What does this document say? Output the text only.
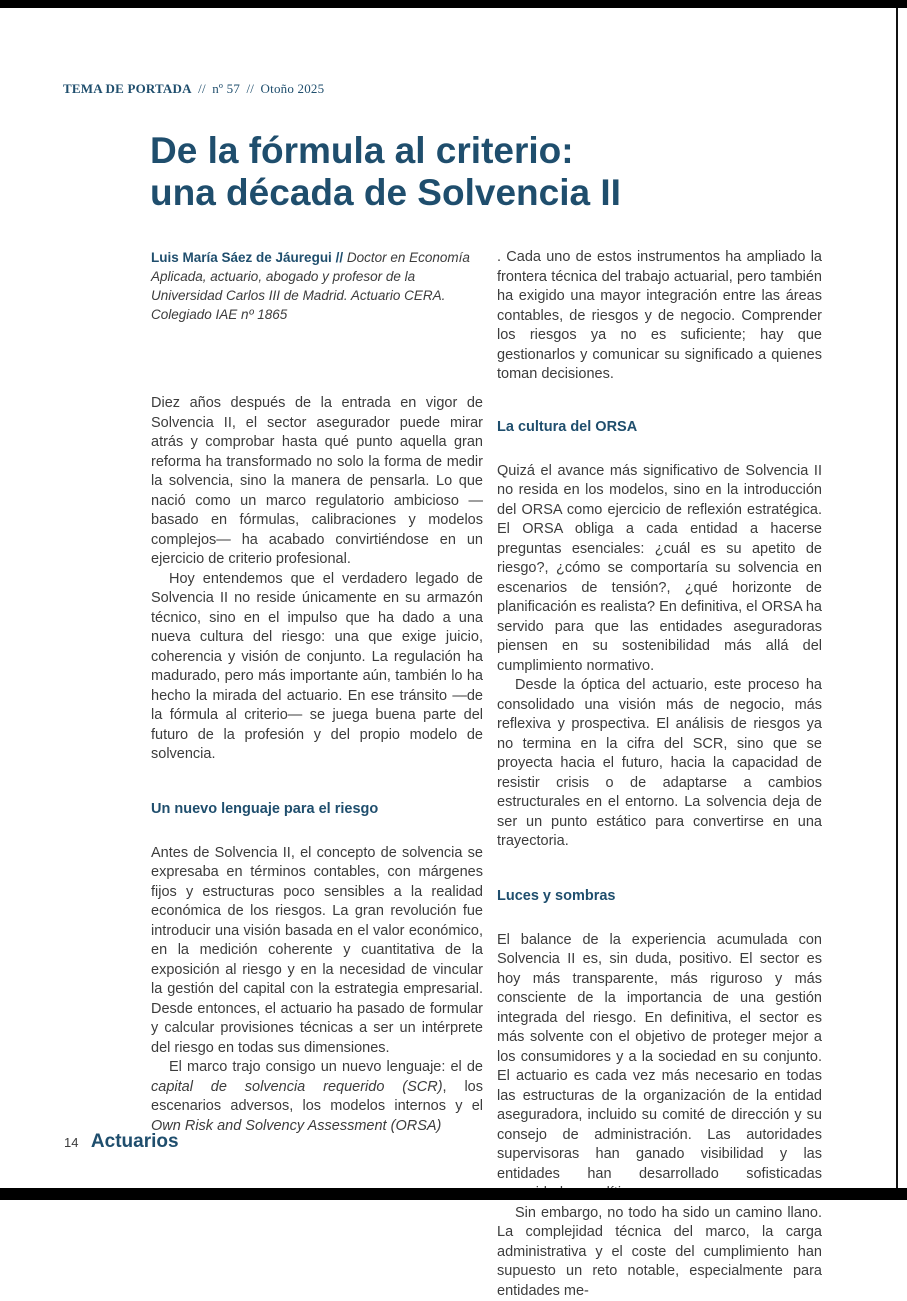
TEMA DE PORTADA // nº 57 // Otoño 2025
De la fórmula al criterio:
una década de Solvencia II
Luis María Sáez de Jáuregui // Doctor en Economía Aplicada, actuario, abogado y profesor de la Universidad Carlos III de Madrid. Actuario CERA. Colegiado IAE nº 1865

Diez años después de la entrada en vigor de Solvencia II, el sector asegurador puede mirar atrás y comprobar hasta qué punto aquella gran reforma ha transformado no solo la forma de medir la solvencia, sino la manera de pensarla. Lo que nació como un marco regulatorio ambicioso —basado en fórmulas, calibraciones y modelos complejos— ha acabado convirtiéndose en un ejercicio de criterio profesional.

Hoy entendemos que el verdadero legado de Solvencia II no reside únicamente en su armazón técnico, sino en el impulso que ha dado a una nueva cultura del riesgo: una que exige juicio, coherencia y visión de conjunto. La regulación ha madurado, pero más importante aún, también lo ha hecho la mirada del actuario. En ese tránsito —de la fórmula al criterio— se juega buena parte del futuro de la profesión y del propio modelo de solvencia.

Un nuevo lenguaje para el riesgo

Antes de Solvencia II, el concepto de solvencia se expresaba en términos contables, con márgenes fijos y estructuras poco sensibles a la realidad económica de los riesgos. La gran revolución fue introducir una visión basada en el valor económico, en la medición coherente y cuantitativa de la exposición al riesgo y en la necesidad de vincular la gestión del capital con la estrategia empresarial. Desde entonces, el actuario ha pasado de formular y calcular provisiones técnicas a ser un intérprete del riesgo en todas sus dimensiones.

El marco trajo consigo un nuevo lenguaje: el de capital de solvencia requerido (SCR), los escenarios adversos, los modelos internos y el Own Risk and Solvency Assessment (ORSA)

. Cada uno de estos instrumentos ha ampliado la frontera técnica del trabajo actuarial, pero también ha exigido una mayor integración entre las áreas contables, de riesgos y de negocio. Comprender los riesgos ya no es suficiente; hay que gestionarlos y comunicar su significado a quienes toman decisiones.

La cultura del ORSA

Quizá el avance más significativo de Solvencia II no resida en los modelos, sino en la introducción del ORSA como ejercicio de reflexión estratégica. El ORSA obliga a cada entidad a hacerse preguntas esenciales: ¿cuál es su apetito de riesgo?, ¿cómo se comportaría su solvencia en escenarios de tensión?, ¿qué horizonte de planificación es realista? En definitiva, el ORSA ha servido para que las entidades aseguradoras piensen en su sostenibilidad más allá del cumplimiento normativo.

Desde la óptica del actuario, este proceso ha consolidado una visión más de negocio, más reflexiva y prospectiva. El análisis de riesgos ya no termina en la cifra del SCR, sino que se proyecta hacia el futuro, hacia la capacidad de resistir crisis o de adaptarse a cambios estructurales en el entorno. La solvencia deja de ser un punto estático para convertirse en una trayectoria.

Luces y sombras

El balance de la experiencia acumulada con Solvencia II es, sin duda, positivo. El sector es hoy más transparente, más riguroso y más consciente de la importancia de una gestión integrada del riesgo. En definitiva, el sector es más solvente con el objetivo de proteger mejor a los consumidores y a la sociedad en su conjunto. El actuario es cada vez más necesario en todas las estructuras de la organización de la entidad aseguradora, incluido su comité de dirección y su consejo de administración. Las autoridades supervisoras han ganado visibilidad y las entidades han desarrollado sofisticadas

Sin embargo, no todo ha sido un camino llano. La complejidad técnica del marco, la carga administrativa y el coste del cumplimiento han supuesto un reto notable, especialmente para entidades me-

14 Actuarios
